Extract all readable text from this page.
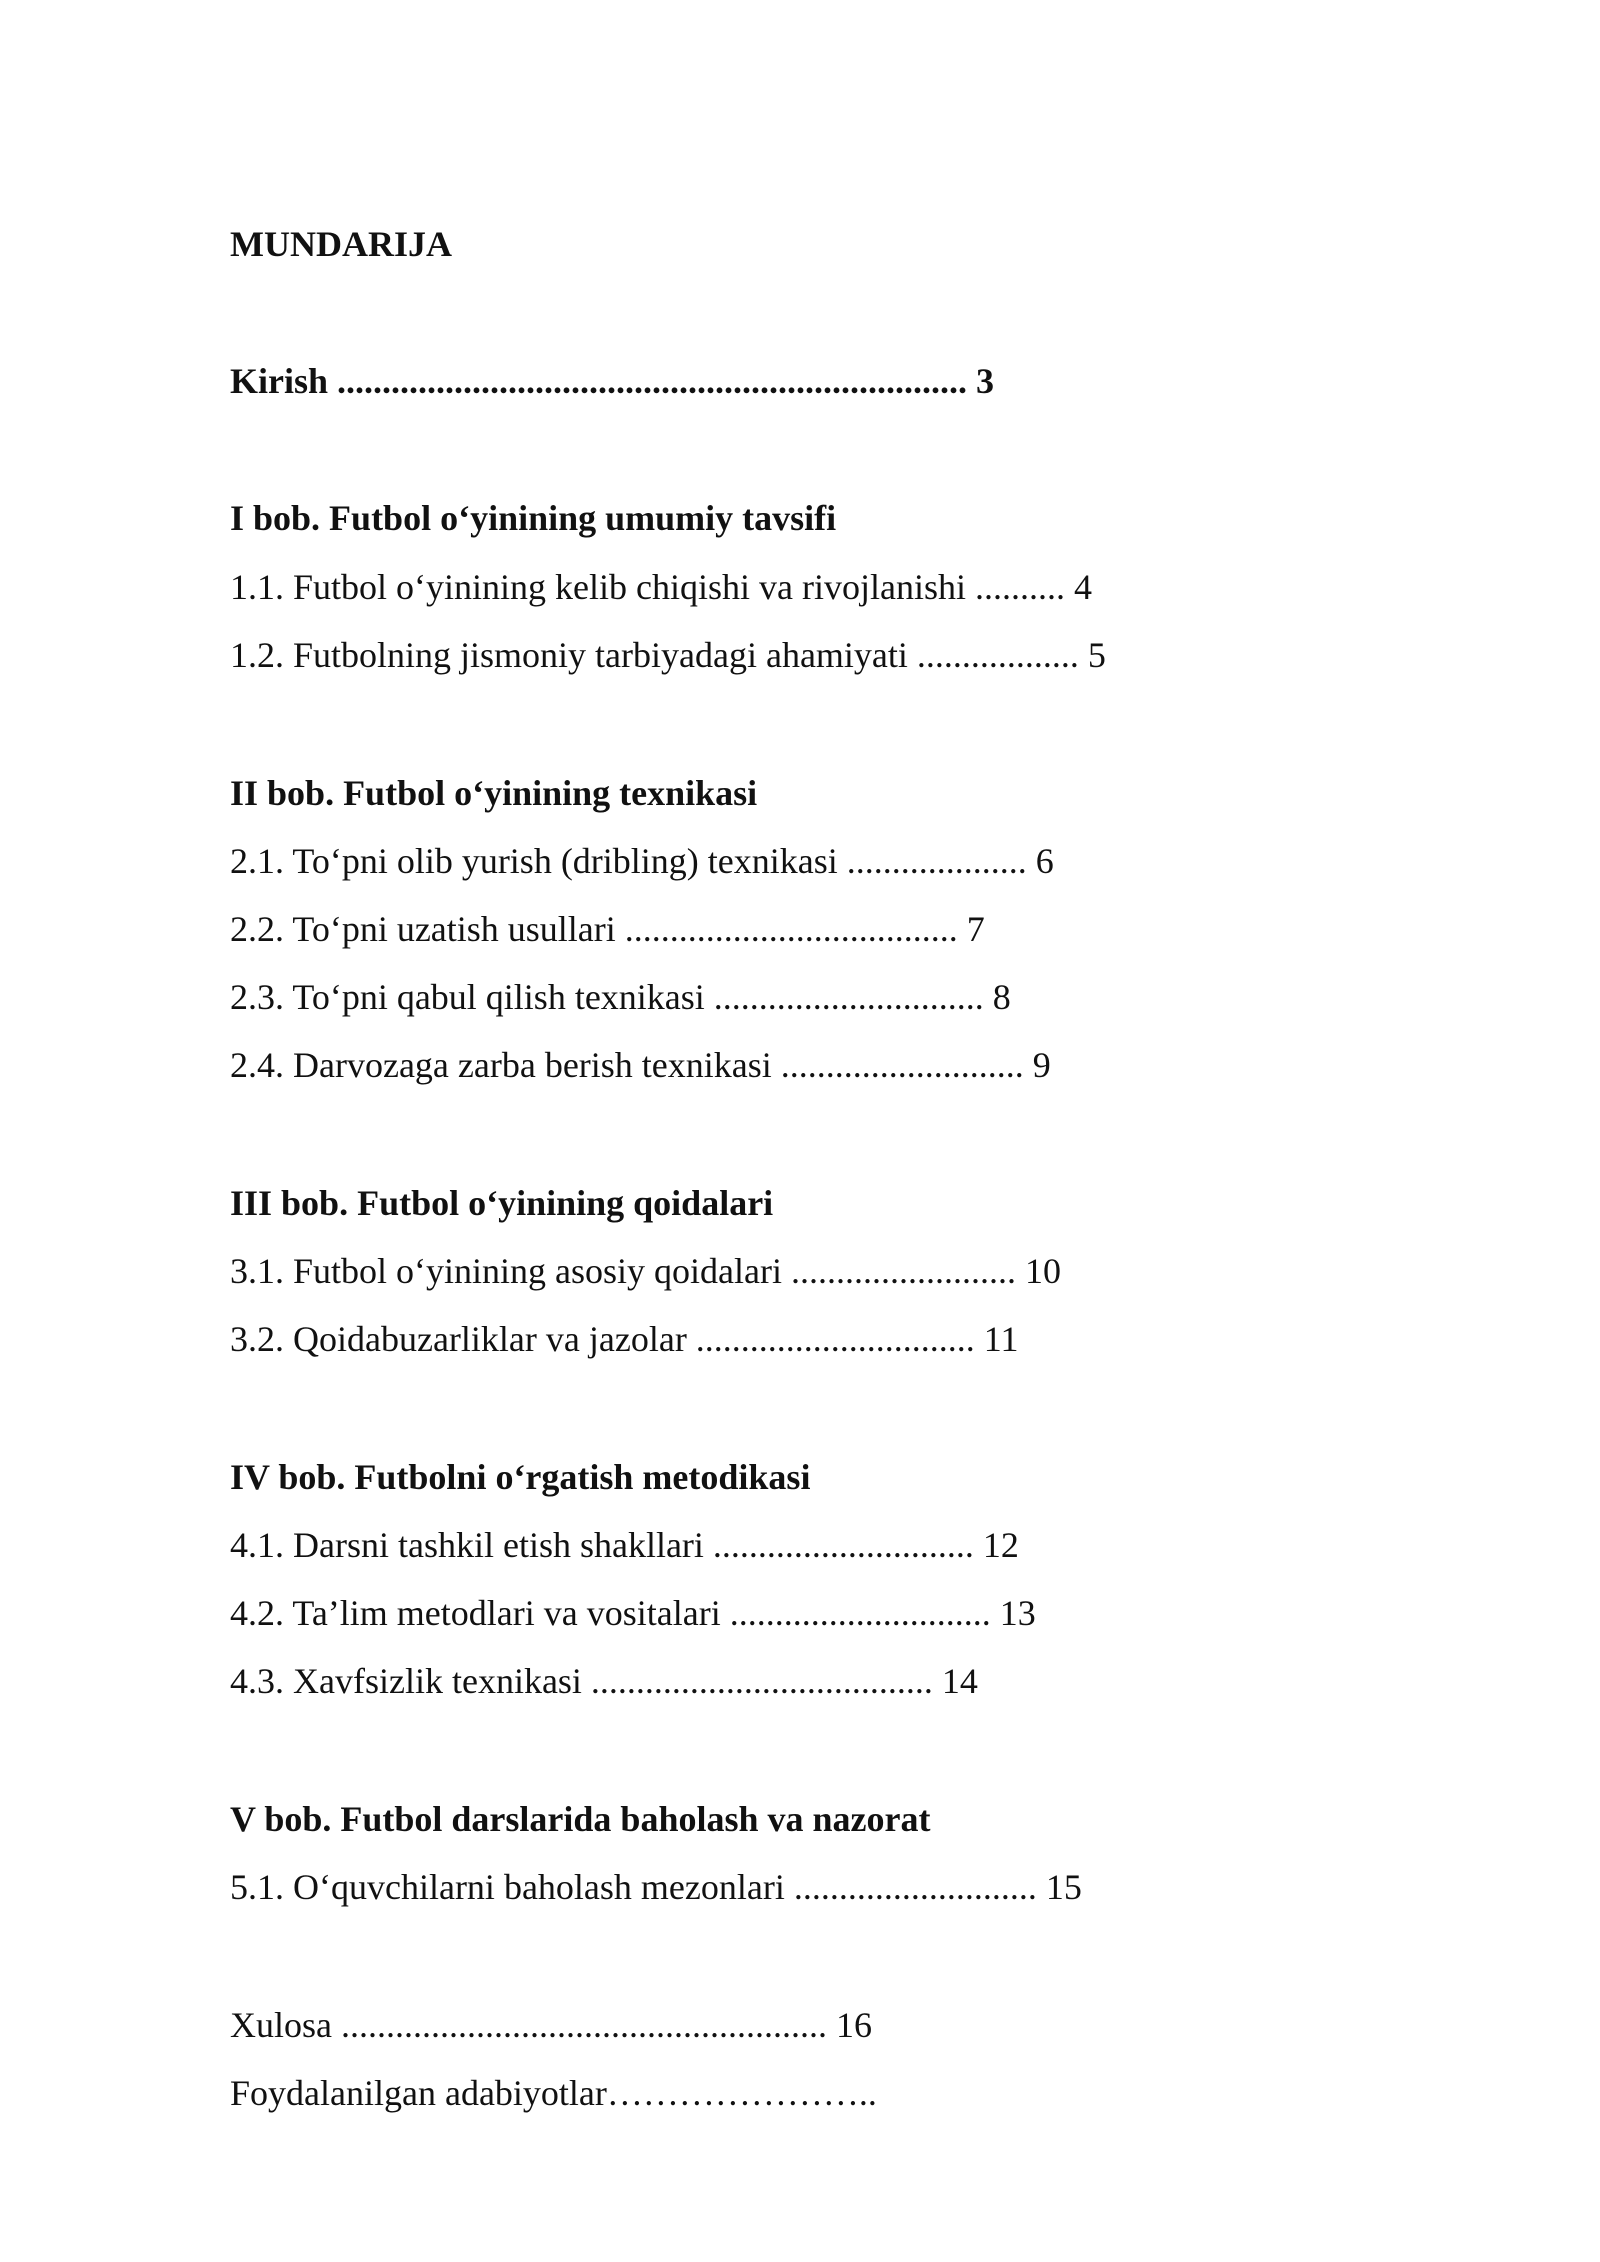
MUNDARIJA
Kirish ...................................................................... 3
I bob. Futbol o‘yinining umumiy tavsifi
1.1. Futbol o‘yinining kelib chiqishi va rivojlanishi .......... 4
1.2. Futbolning jismoniy tarbiyadagi ahamiyati .................. 5
II bob. Futbol o‘yinining texnikasi
2.1. To‘pni olib yurish (dribling) texnikasi .................... 6
2.2. To‘pni uzatish usullari ..................................... 7
2.3. To‘pni qabul qilish texnikasi .............................. 8
2.4. Darvozaga zarba berish texnikasi ........................... 9
III bob. Futbol o‘yinining qoidalari
3.1. Futbol o‘yinining asosiy qoidalari ......................... 10
3.2. Qoidabuzarliklar va jazolar ............................... 11
IV bob. Futbolni o‘rgatish metodikasi
4.1. Darsni tashkil etish shakllari ............................. 12
4.2. Ta’lim metodlari va vositalari ............................. 13
4.3. Xavfsizlik texnikasi ...................................... 14
V bob. Futbol darslarida baholash va nazorat
5.1. O‘quvchilarni baholash mezonlari ........................... 15
Xulosa ...................................................... 16
Foydalanilgan adabiyotlar…………………..
